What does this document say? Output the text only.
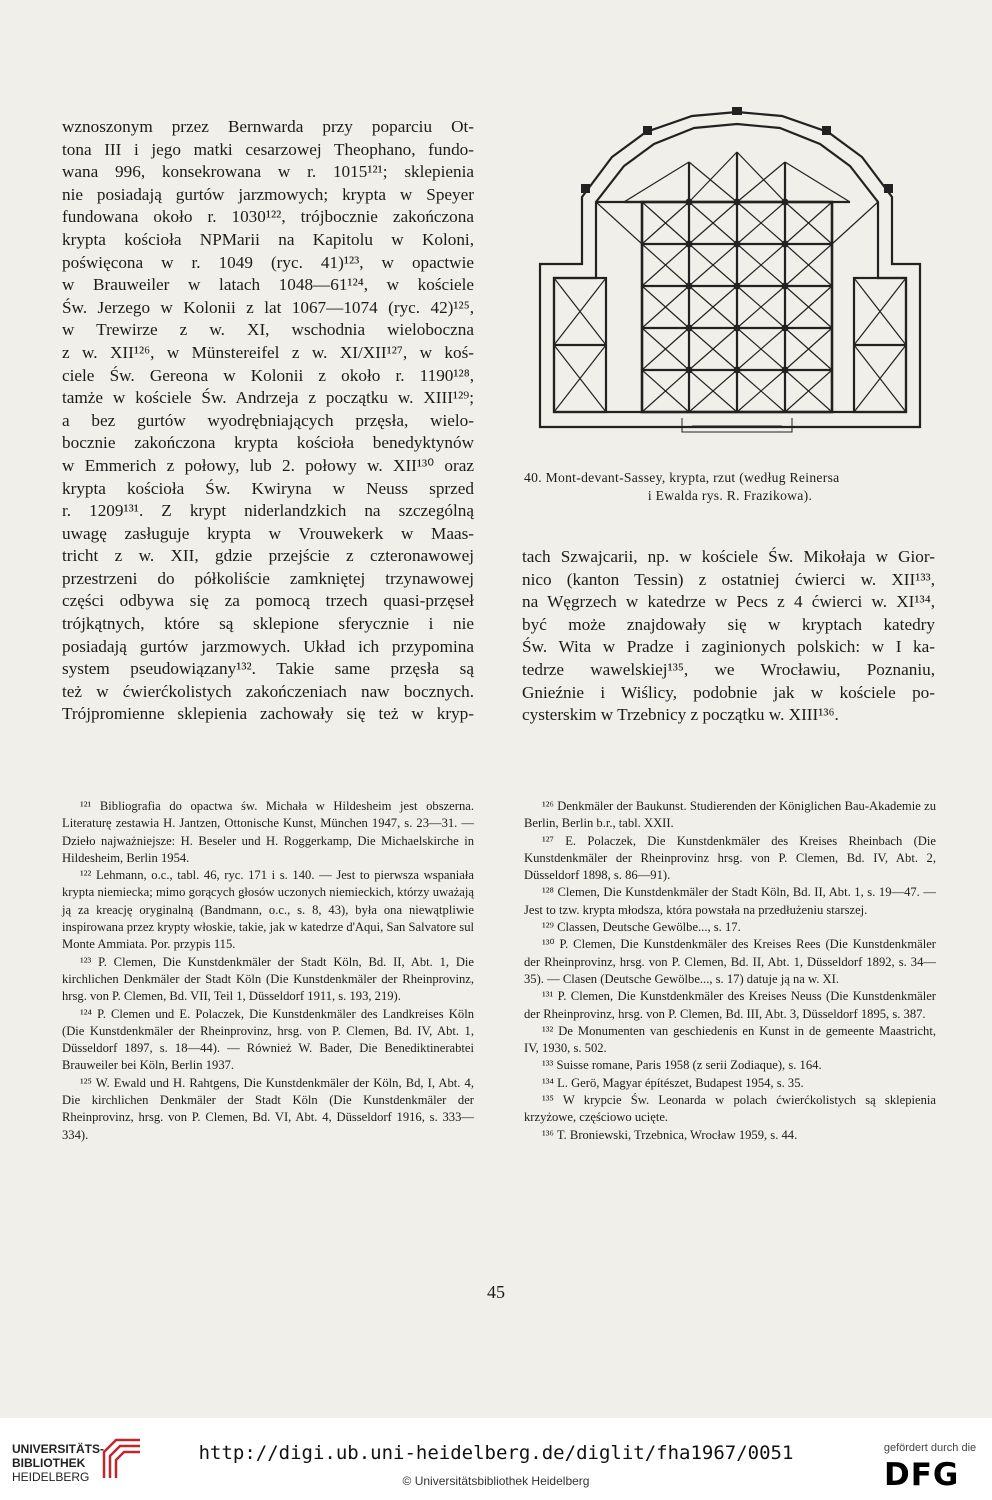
wznoszonym przez Bernwarda przy poparciu Ot-
tona III i jego matki cesarzowej Theophano, fundo-
wana 996, konsekrowana w r. 1015¹²¹; sklepienia
nie posiadają gurtów jarzmowych; krypta w Speyer
fundowana około r. 1030¹²², trójbocznie zakończona
krypta kościoła NPMarii na Kapitolu w Koloni,
poświęcona w r. 1049 (ryc. 41)¹²³, w opactwie
w Brauweiler w latach 1048—61¹²⁴, w kościele
Św. Jerzego w Kolonii z lat 1067—1074 (ryc. 42)¹²⁵,
w Trewirze z w. XI, wschodnia wieloboczna
z w. XII¹²⁶, w Münstereifel z w. XI/XII¹²⁷, w koś-
ciele Św. Gereona w Kolonii z około r. 1190¹²⁸,
tamże w kościele Św. Andrzeja z początku w. XIII¹²⁹;
a bez gurtów wyodrębniających przęsła, wielo-
bocznie zakończona krypta kościoła benedyktynów
w Emmerich z połowy, lub 2. połowy w. XII¹³⁰ oraz
krypta kościoła Św. Kwiryna w Neuss sprzed
r. 1209¹³¹. Z krypt niderlandzkich na szczególną
uwagę zasługuje krypta w Vrouwekerk w Maas-
tricht z w. XII, gdzie przejście z czteronawowej
przestrzeni do półkoliście zamkniętej trzynawowej
części odbywa się za pomocą trzech quasi-przęseł
trójkątnych, które są sklepione sferycznie i nie
posiadają gurtów jarzmowych. Układ ich przypomina
system pseudowiązany¹³². Takie same przęsła są
też w ćwierćkolistych zakończeniach naw bocznych.
Trójpromienne sklepienia zachowały się też w kryp-
40. Mont-devant-Sassey, krypta, rzut (według Reinersa
i Ewalda rys. R. Frazikowa).
tach Szwajcarii, np. w kościele Św. Mikołaja w Gior-
nico (kanton Tessin) z ostatniej ćwierci w. XII¹³³,
na Węgrzech w katedrze w Pecs z 4 ćwierci w. XI¹³⁴,
być może znajdowały się w kryptach katedry
Św. Wita w Pradze i zaginionych polskich: w I ka-
tedrze wawelskiej¹³⁵, we Wrocławiu, Poznaniu,
Gnieźnie i Wiślicy, podobnie jak w kościele po-
cysterskim w Trzebnicy z początku w. XIII¹³⁶.

¹²¹ Bibliografia do opactwa św. Michała w Hildesheim jest obszerna. Literaturę zestawia H. Jantzen, Ottonische Kunst, München 1947, s. 23—31. — Dzieło najważniejsze: H. Beseler und H. Roggerkamp, Die Michaelskirche in Hildesheim, Berlin 1954.

¹²² Lehmann, o.c., tabl. 46, ryc. 171 i s. 140. — Jest to pierwsza wspaniała krypta niemiecka; mimo gorących głosów uczonych niemieckich, którzy uważają ją za kreację oryginalną (Bandmann, o.c., s. 8, 43), była ona niewątpliwie inspirowana przez krypty włoskie, takie, jak w katedrze d'Aqui, San Salvatore sul Monte Ammiata. Por. przypis 115.

¹²³ P. Clemen, Die Kunstdenkmäler der Stadt Köln, Bd. II, Abt. 1, Die kirchlichen Denkmäler der Stadt Köln (Die Kunstdenkmäler der Rheinprovinz, hrsg. von P. Clemen, Bd. VII, Teil 1, Düsseldorf 1911, s. 193, 219).

¹²⁴ P. Clemen und E. Polaczek, Die Kunstdenkmäler des Landkreises Köln (Die Kunstdenkmäler der Rheinprovinz, hrsg. von P. Clemen, Bd. IV, Abt. 1, Düsseldorf 1897, s. 18—44). — Również W. Bader, Die Benediktinerabtei Brauweiler bei Köln, Berlin 1937.

¹²⁵ W. Ewald und H. Rahtgens, Die Kunstdenkmäler der Köln, Bd, I, Abt. 4, Die kirchlichen Denkmäler der Stadt Köln (Die Kunstdenkmäler der Rheinprovinz, hrsg. von P. Clemen, Bd. VI, Abt. 4, Düsseldorf 1916, s. 333—334).

¹²⁶ Denkmäler der Baukunst. Studierenden der Königlichen Bau-Akademie zu Berlin, Berlin b.r., tabl. XXII.

¹²⁷ E. Polaczek, Die Kunstdenkmäler des Kreises Rheinbach (Die Kunstdenkmäler der Rheinprovinz hrsg. von P. Clemen, Bd. IV, Abt. 2, Düsseldorf 1898, s. 86—91).

¹²⁸ Clemen, Die Kunstdenkmäler der Stadt Köln, Bd. II, Abt. 1, s. 19—47. — Jest to tzw. krypta młodsza, która powstała na przedłużeniu starszej.

¹²⁹ Classen, Deutsche Gewölbe..., s. 17.

¹³⁰ P. Clemen, Die Kunstdenkmäler des Kreises Rees (Die Kunstdenkmäler der Rheinprovinz, hrsg. von P. Clemen, Bd. II, Abt. 1, Düsseldorf 1892, s. 34—35). — Clasen (Deutsche Gewölbe..., s. 17) datuje ją na w. XI.

¹³¹ P. Clemen, Die Kunstdenkmäler des Kreises Neuss (Die Kunstdenkmäler der Rheinprovinz, hrsg. von P. Clemen, Bd. III, Abt. 3, Düsseldorf 1895, s. 387.

¹³² De Monumenten van geschiedenis en Kunst in de gemeente Maastricht, IV, 1930, s. 502.

¹³³ Suisse romane, Paris 1958 (z serii Zodiaque), s. 164.

¹³⁴ L. Gerö, Magyar építészet, Budapest 1954, s. 35.

¹³⁵ W krypcie Św. Leonarda w polach ćwierćkolistych są sklepienia krzyżowe, częściowo ucięte.

¹³⁶ T. Broniewski, Trzebnica, Wrocław 1959, s. 44.

45
UNIVERSITÄTS-
BIBLIOTHEK
HEIDELBERG
http://digi.ub.uni-heidelberg.de/diglit/fha1967/0051
© Universitätsbibliothek Heidelberg
gefördert durch die
DFG
